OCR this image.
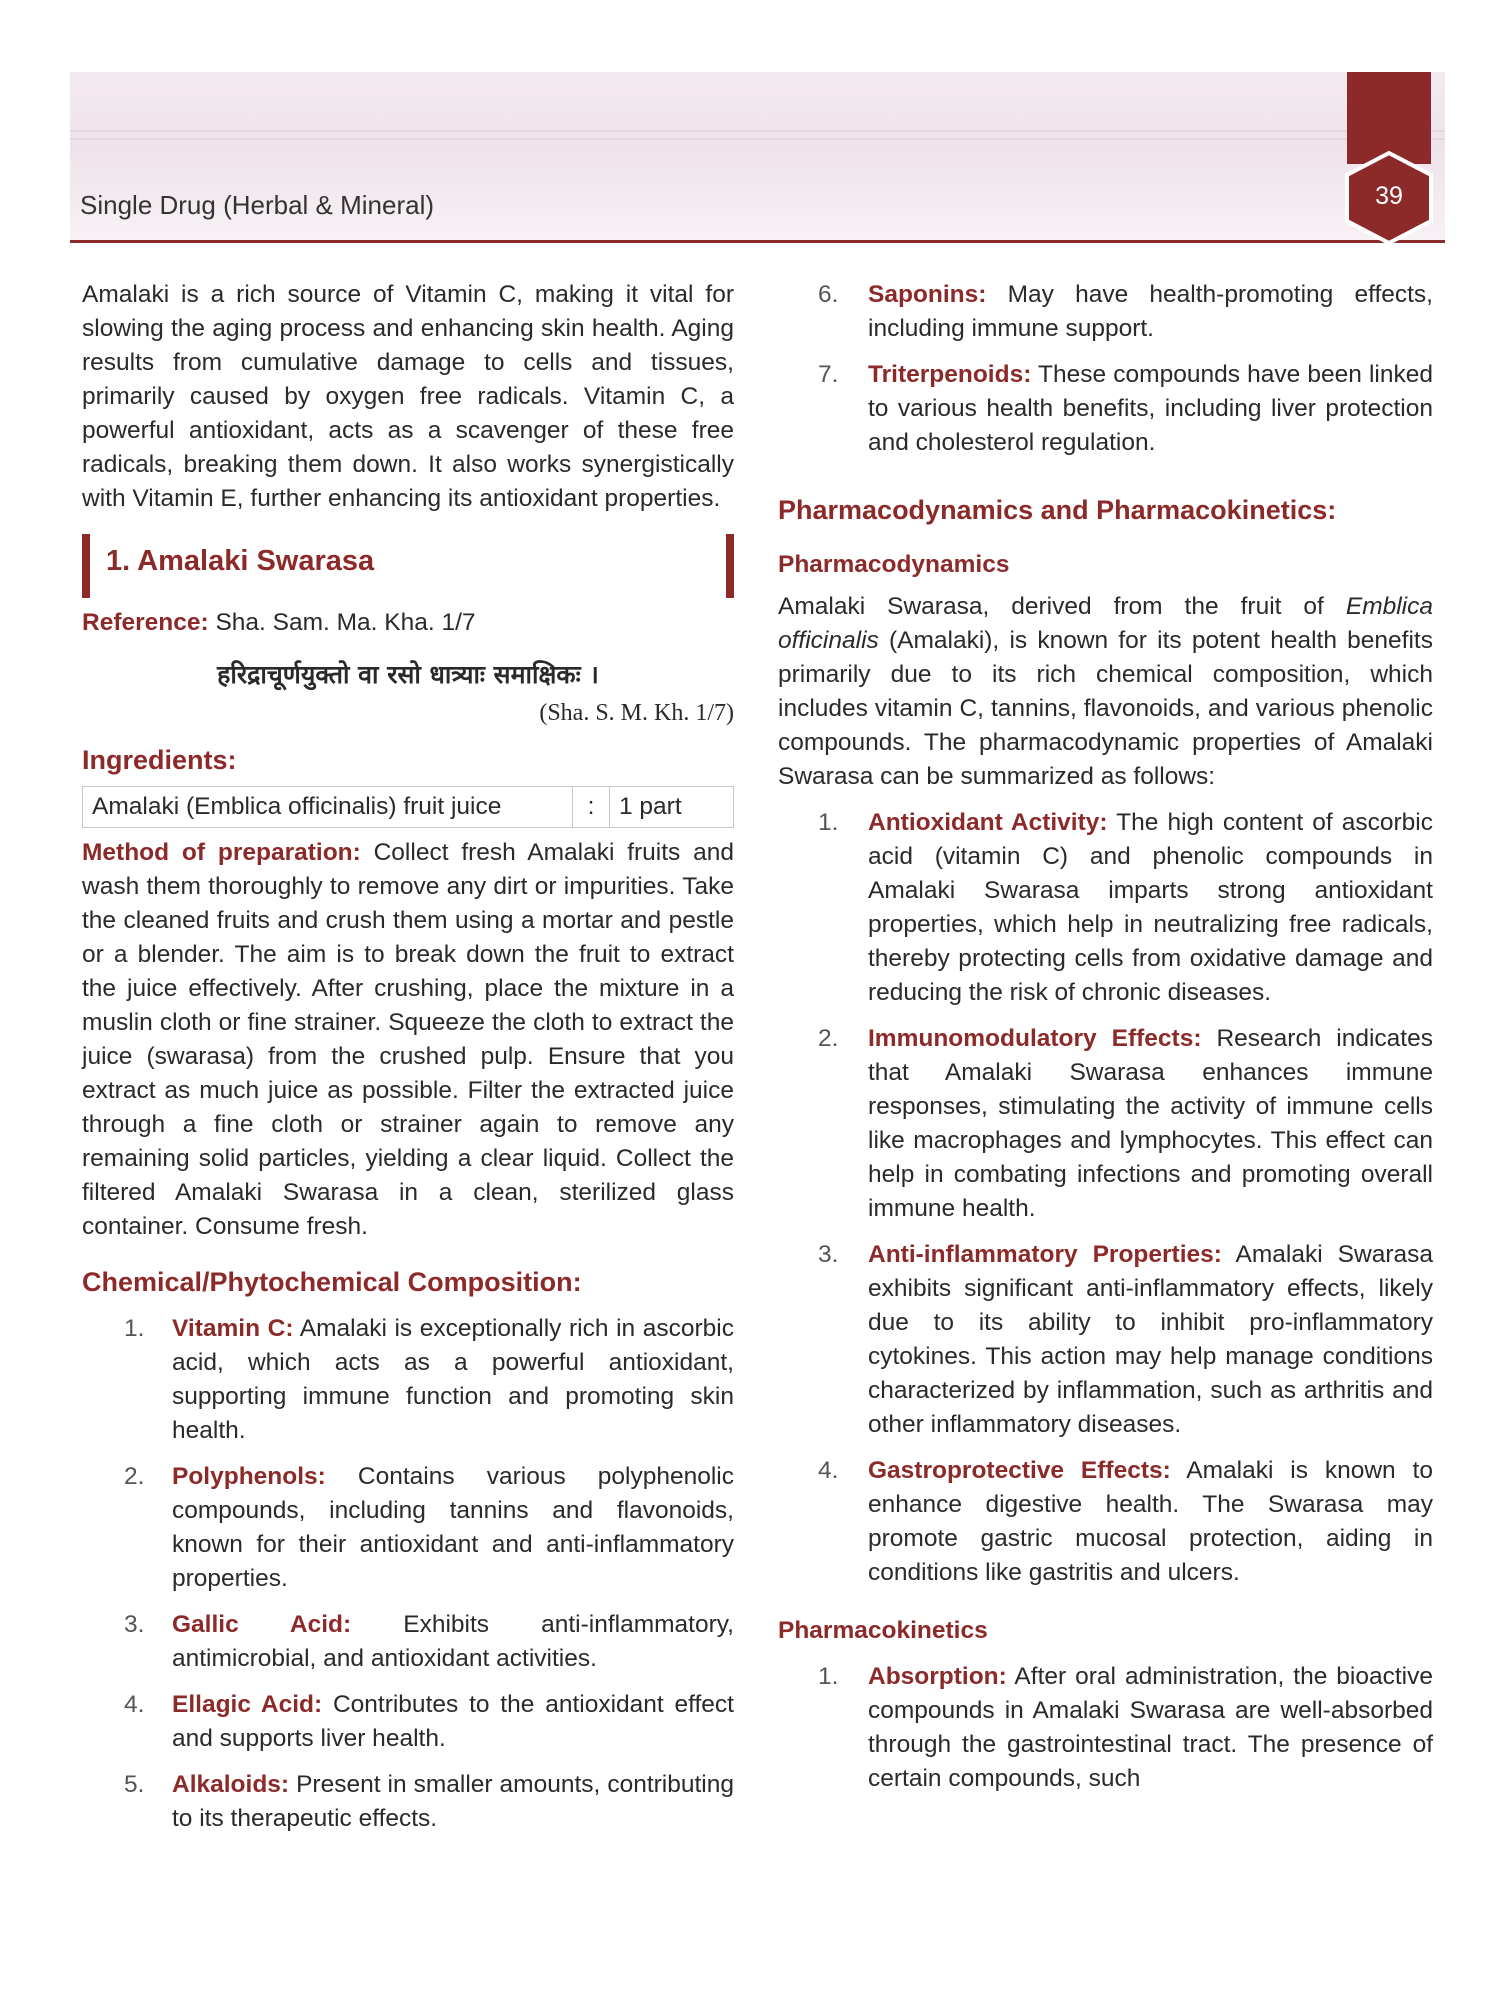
39
Single Drug (Herbal & Mineral)

Amalaki is a rich source of Vitamin C, making it vital for slowing the aging process and enhancing skin health. Aging results from cumulative damage to cells and tissues, primarily caused by oxygen free radicals. Vitamin C, a powerful antioxidant, acts as a scavenger of these free radicals, breaking them down. It also works synergistically with Vitamin E, further enhancing its antioxidant properties.

1. Amalaki Swarasa

Reference: Sha. Sam. Ma. Kha. 1/7

हरिद्राचूर्णयुक्तो वा रसो धात्र्याः समाक्षिकः ।
(Sha. S. M. Kh. 1/7)
Ingredients:
Amalaki (Emblica officinalis) fruit juice	:	1 part

Method of preparation: Collect fresh Amalaki fruits and wash them thoroughly to remove any dirt or impurities. Take the cleaned fruits and crush them using a mortar and pestle or a blender. The aim is to break down the fruit to extract the juice effectively. After crushing, place the mixture in a muslin cloth or fine strainer. Squeeze the cloth to extract the juice (swarasa) from the crushed pulp. Ensure that you extract as much juice as possible. Filter the extracted juice through a fine cloth or strainer again to remove any remaining solid particles, yielding a clear liquid. Collect the filtered Amalaki Swarasa in a clean, sterilized glass container. Consume fresh.

Chemical/Phytochemical Composition:
1.	Vitamin C: Amalaki is exceptionally rich in ascorbic acid, which acts as a powerful antioxidant, supporting immune function and promoting skin health.
2.	Polyphenols: Contains various polyphenolic compounds, including tannins and flavonoids, known for their antioxidant and anti-inflammatory properties.
3.	Gallic Acid: Exhibits anti-inflammatory, antimicrobial, and antioxidant activities.
4.	Ellagic Acid: Contributes to the antioxidant effect and supports liver health.
5.	Alkaloids: Present in smaller amounts, contributing to its therapeutic effects.
6.	Saponins: May have health-promoting effects, including immune support.
7.	Triterpenoids: These compounds have been linked to various health benefits, including liver protection and cholesterol regulation.
Pharmacodynamics and Pharmacokinetics:
Pharmacodynamics

Amalaki Swarasa, derived from the fruit of Emblica officinalis (Amalaki), is known for its potent health benefits primarily due to its rich chemical composition, which includes vitamin C, tannins, flavonoids, and various phenolic compounds. The pharmacodynamic properties of Amalaki Swarasa can be summarized as follows:

1.	Antioxidant Activity: The high content of ascorbic acid (vitamin C) and phenolic compounds in Amalaki Swarasa imparts strong antioxidant properties, which help in neutralizing free radicals, thereby protecting cells from oxidative damage and reducing the risk of chronic diseases.
2.	Immunomodulatory Effects: Research indicates that Amalaki Swarasa enhances immune responses, stimulating the activity of immune cells like macrophages and lymphocytes. This effect can help in combating infections and promoting overall immune health.
3.	Anti-inflammatory Properties: Amalaki Swarasa exhibits significant anti-inflammatory effects, likely due to its ability to inhibit pro-inflammatory cytokines. This action may help manage conditions characterized by inflammation, such as arthritis and other inflammatory diseases.
4.	Gastroprotective Effects: Amalaki is known to enhance digestive health. The Swarasa may promote gastric mucosal protection, aiding in conditions like gastritis and ulcers.
Pharmacokinetics
1.	Absorption: After oral administration, the bioactive compounds in Amalaki Swarasa are well-absorbed through the gastrointestinal tract. The presence of certain compounds, such
